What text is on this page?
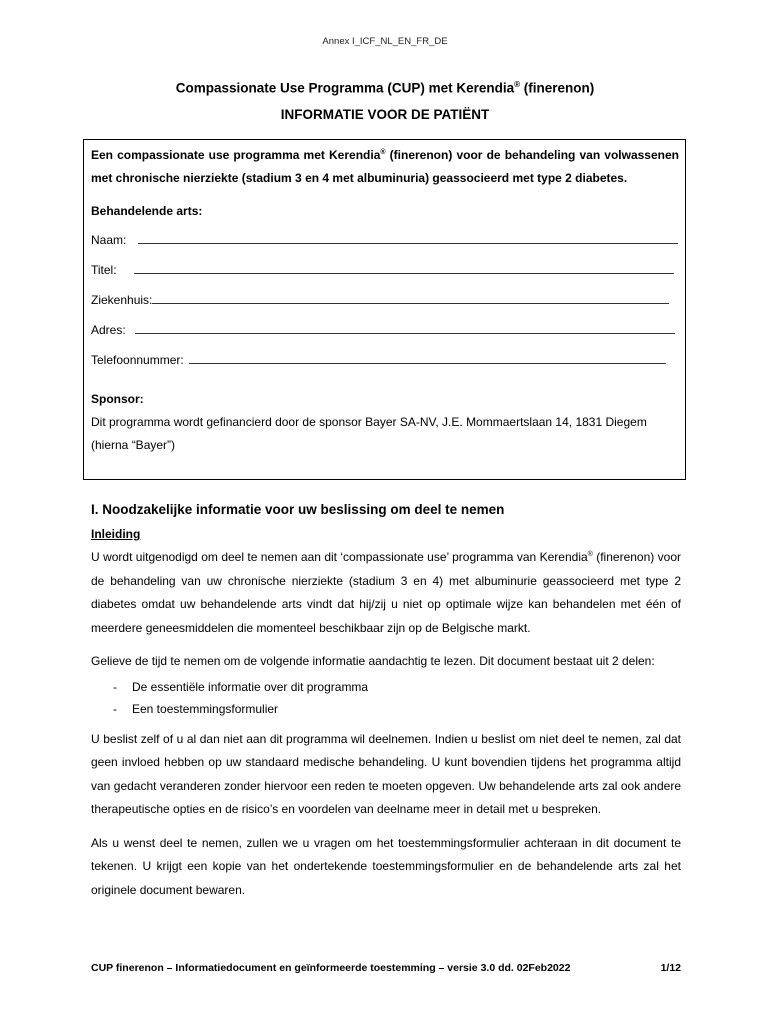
Annex I_ICF_NL_EN_FR_DE
Compassionate Use Programma (CUP) met Kerendia® (finerenon)
INFORMATIE VOOR DE PATIËNT

Een compassionate use programma met Kerendia® (finerenon) voor de behandeling van volwassenen met chronische nierziekte (stadium 3 en 4 met albuminuria) geassocieerd met type 2 diabetes.

Behandelende arts:
Naam:
Titel:
Ziekenhuis:
Adres:
Telefoonnummer:
Sponsor:

Dit programma wordt gefinancierd door de sponsor Bayer SA-NV, J.E. Mommaertslaan 14, 1831 Diegem (hierna “Bayer”)

I. Noodzakelijke informatie voor uw beslissing om deel te nemen
Inleiding

U wordt uitgenodigd om deel te nemen aan dit ‘compassionate use’ programma van Kerendia® (finerenon) voor de behandeling van uw chronische nierziekte (stadium 3 en 4) met albuminurie geassocieerd met type 2 diabetes omdat uw behandelende arts vindt dat hij/zij u niet op optimale wijze kan behandelen met één of meerdere geneesmiddelen die momenteel beschikbaar zijn op de Belgische markt.

Gelieve de tijd te nemen om de volgende informatie aandachtig te lezen. Dit document bestaat uit 2 delen:

- De essentiële informatie over dit programma
- Een toestemmingsformulier

U beslist zelf of u al dan niet aan dit programma wil deelnemen. Indien u beslist om niet deel te nemen, zal dat geen invloed hebben op uw standaard medische behandeling. U kunt bovendien tijdens het programma altijd van gedacht veranderen zonder hiervoor een reden te moeten opgeven. Uw behandelende arts zal ook andere therapeutische opties en de risico’s en voordelen van deelname meer in detail met u bespreken.

Als u wenst deel te nemen, zullen we u vragen om het toestemmingsformulier achteraan in dit document te tekenen. U krijgt een kopie van het ondertekende toestemmingsformulier en de behandelende arts zal het originele document bewaren.

CUP finerenon – Informatiedocument en geïnformeerde toestemming – versie 3.0 dd. 02Feb2022	1/12
